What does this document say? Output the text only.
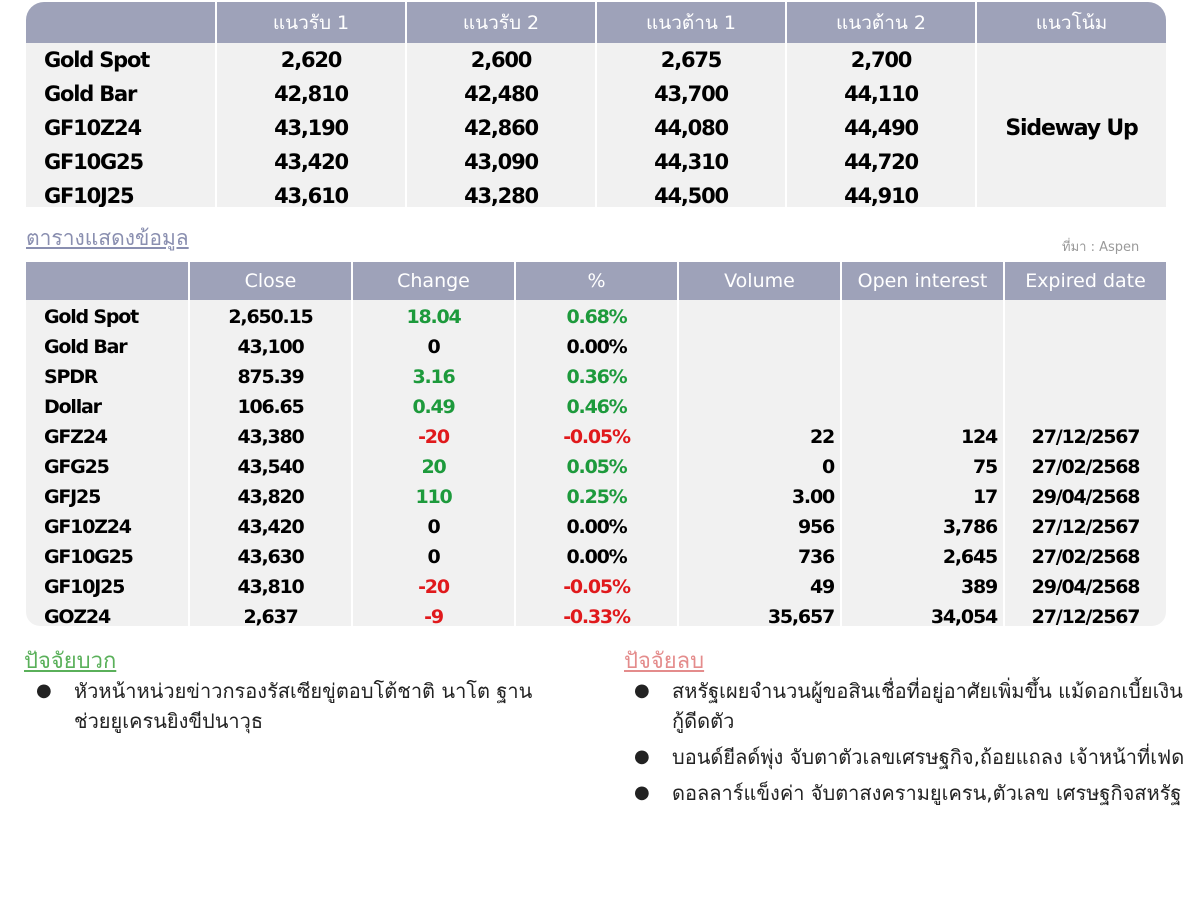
	แนวรับ 1	แนวรับ 2	แนวต้าน 1	แนวต้าน 2	แนวโน้ม
Gold Spot	2,620	2,600	2,675	2,700	Sideway Up
Gold Bar	42,810	42,480	43,700	44,110	
GF10Z24	43,190	42,860	44,080	44,490	
GF10G25	43,420	43,090	44,310	44,720	
GF10J25	43,610	43,280	44,500	44,910	
ตารางแสดงข้อมูล	ที่มา : Aspen
	Close	Change	%	Volume	Open interest	Expired date
Gold Spot	2,650.15	18.04	0.68%			
Gold Bar	43,100	0	0.00%			
SPDR	875.39	3.16	0.36%			
Dollar	106.65	0.49	0.46%			
GFZ24	43,380	-20	-0.05%	22	124	27/12/2567
GFG25	43,540	20	0.05%	0	75	27/02/2568
GFJ25	43,820	110	0.25%	3.00	17	29/04/2568
GF10Z24	43,420	0	0.00%	956	3,786	27/12/2567
GF10G25	43,630	0	0.00%	736	2,645	27/02/2568
GF10J25	43,810	-20	-0.05%	49	389	29/04/2568
GOZ24	2,637	-9	-0.33%	35,657	34,054	27/12/2567
ปัจจัยบวก
● หัวหน้าหน่วยข่าวกรองรัสเซียขู่ตอบโต้ชาติ นาโต ฐานช่วยยูเครนยิงขีปนาวุธ
ปัจจัยลบ
● สหรัฐเผยจำนวนผู้ขอสินเชื่อที่อยู่อาศัยเพิ่มขึ้น แม้ดอกเบี้ยเงินกู้ดีดตัว
● บอนด์ยีลด์พุ่ง จับตาตัวเลขเศรษฐกิจ,ถ้อยแถลง เจ้าหน้าที่เฟด
● ดอลลาร์แข็งค่า จับตาสงครามยูเครน,ตัวเลข เศรษฐกิจสหรัฐ
